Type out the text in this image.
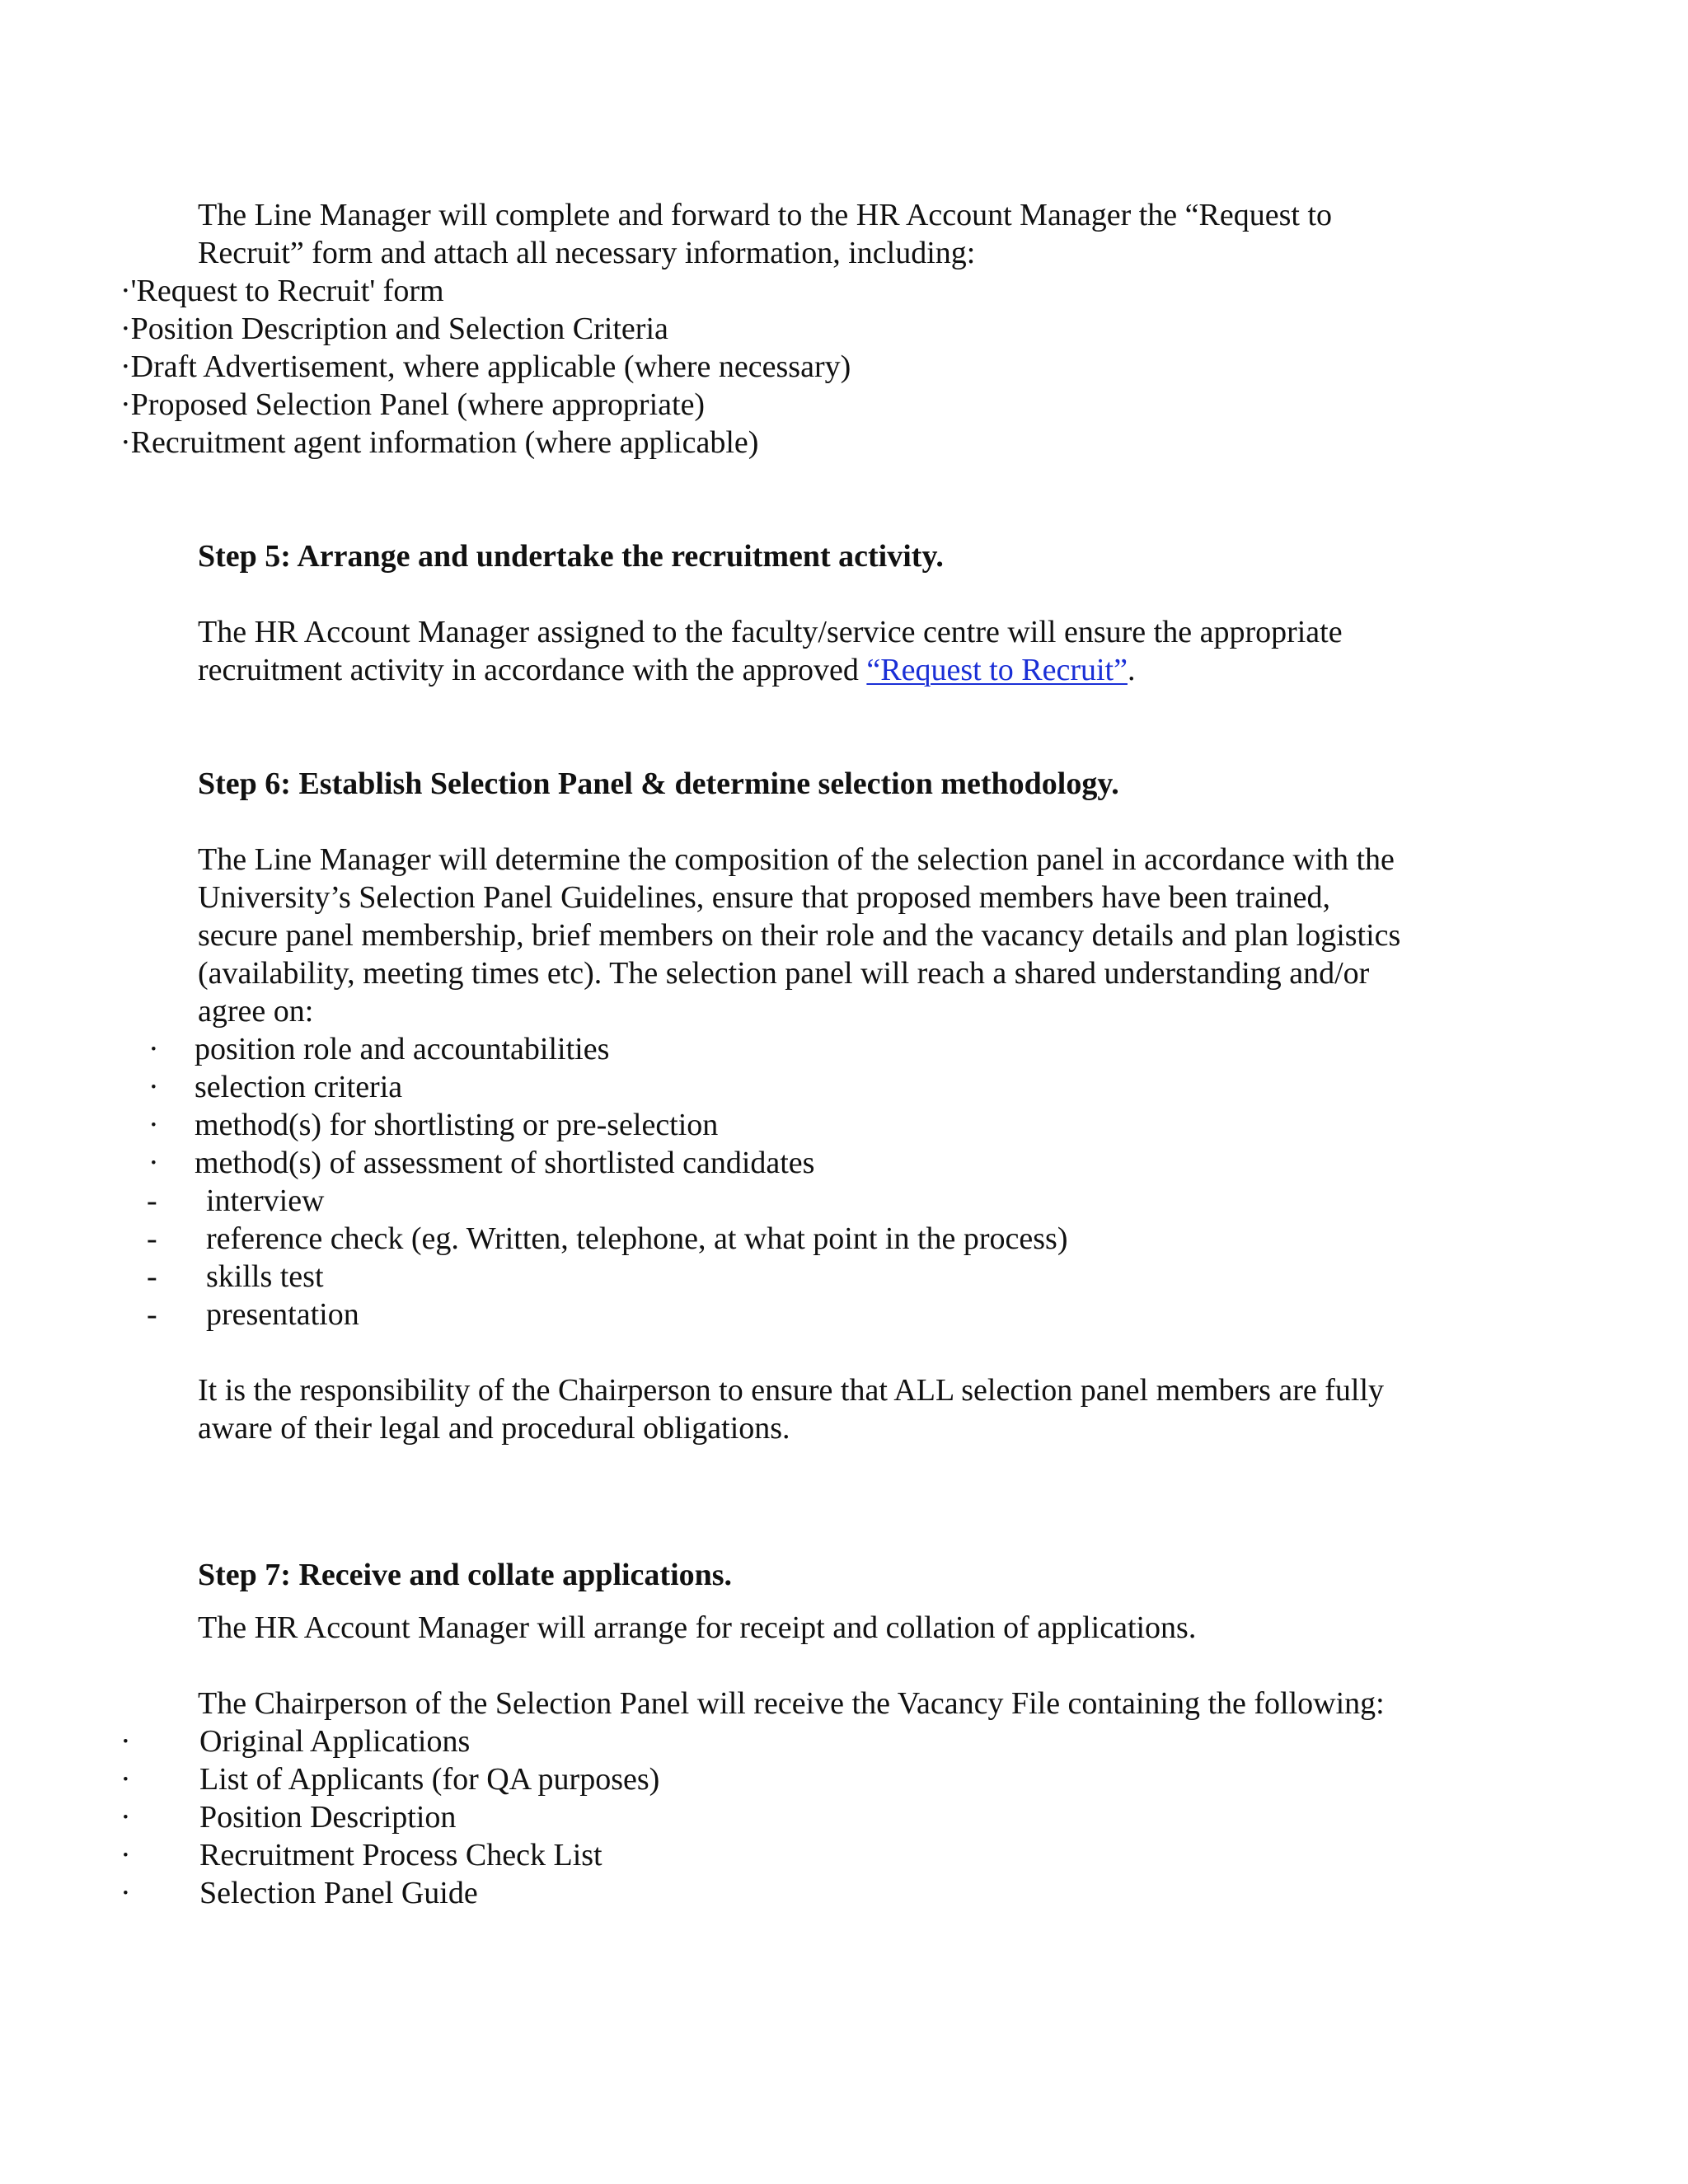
The Line Manager will complete and forward to the HR Account Manager the “Request to
Recruit” form and attach all necessary information, including:
·'Request to Recruit' form
·Position Description and Selection Criteria
·Draft Advertisement, where applicable (where necessary)
·Proposed Selection Panel (where appropriate)
·Recruitment agent information (where applicable)
Step 5: Arrange and undertake the recruitment activity.
The HR Account Manager assigned to the faculty/service centre will ensure the appropriate
recruitment activity in accordance with the approved “Request to Recruit”.
Step 6: Establish Selection Panel & determine selection methodology.
The Line Manager will determine the composition of the selection panel in accordance with the
University’s Selection Panel Guidelines, ensure that proposed members have been trained,
secure panel membership, brief members on their role and the vacancy details and plan logistics
(availability, meeting times etc). The selection panel will reach a shared understanding and/or
agree on:
· position role and accountabilities
· selection criteria
· method(s) for shortlisting or pre-selection
· method(s) of assessment of shortlisted candidates
- interview
- reference check (eg. Written, telephone, at what point in the process)
- skills test
- presentation
It is the responsibility of the Chairperson to ensure that ALL selection panel members are fully
aware of their legal and procedural obligations.
Step 7: Receive and collate applications.
The HR Account Manager will arrange for receipt and collation of applications.
The Chairperson of the Selection Panel will receive the Vacancy File containing the following:
· Original Applications
· List of Applicants (for QA purposes)
· Position Description
· Recruitment Process Check List
· Selection Panel Guide
